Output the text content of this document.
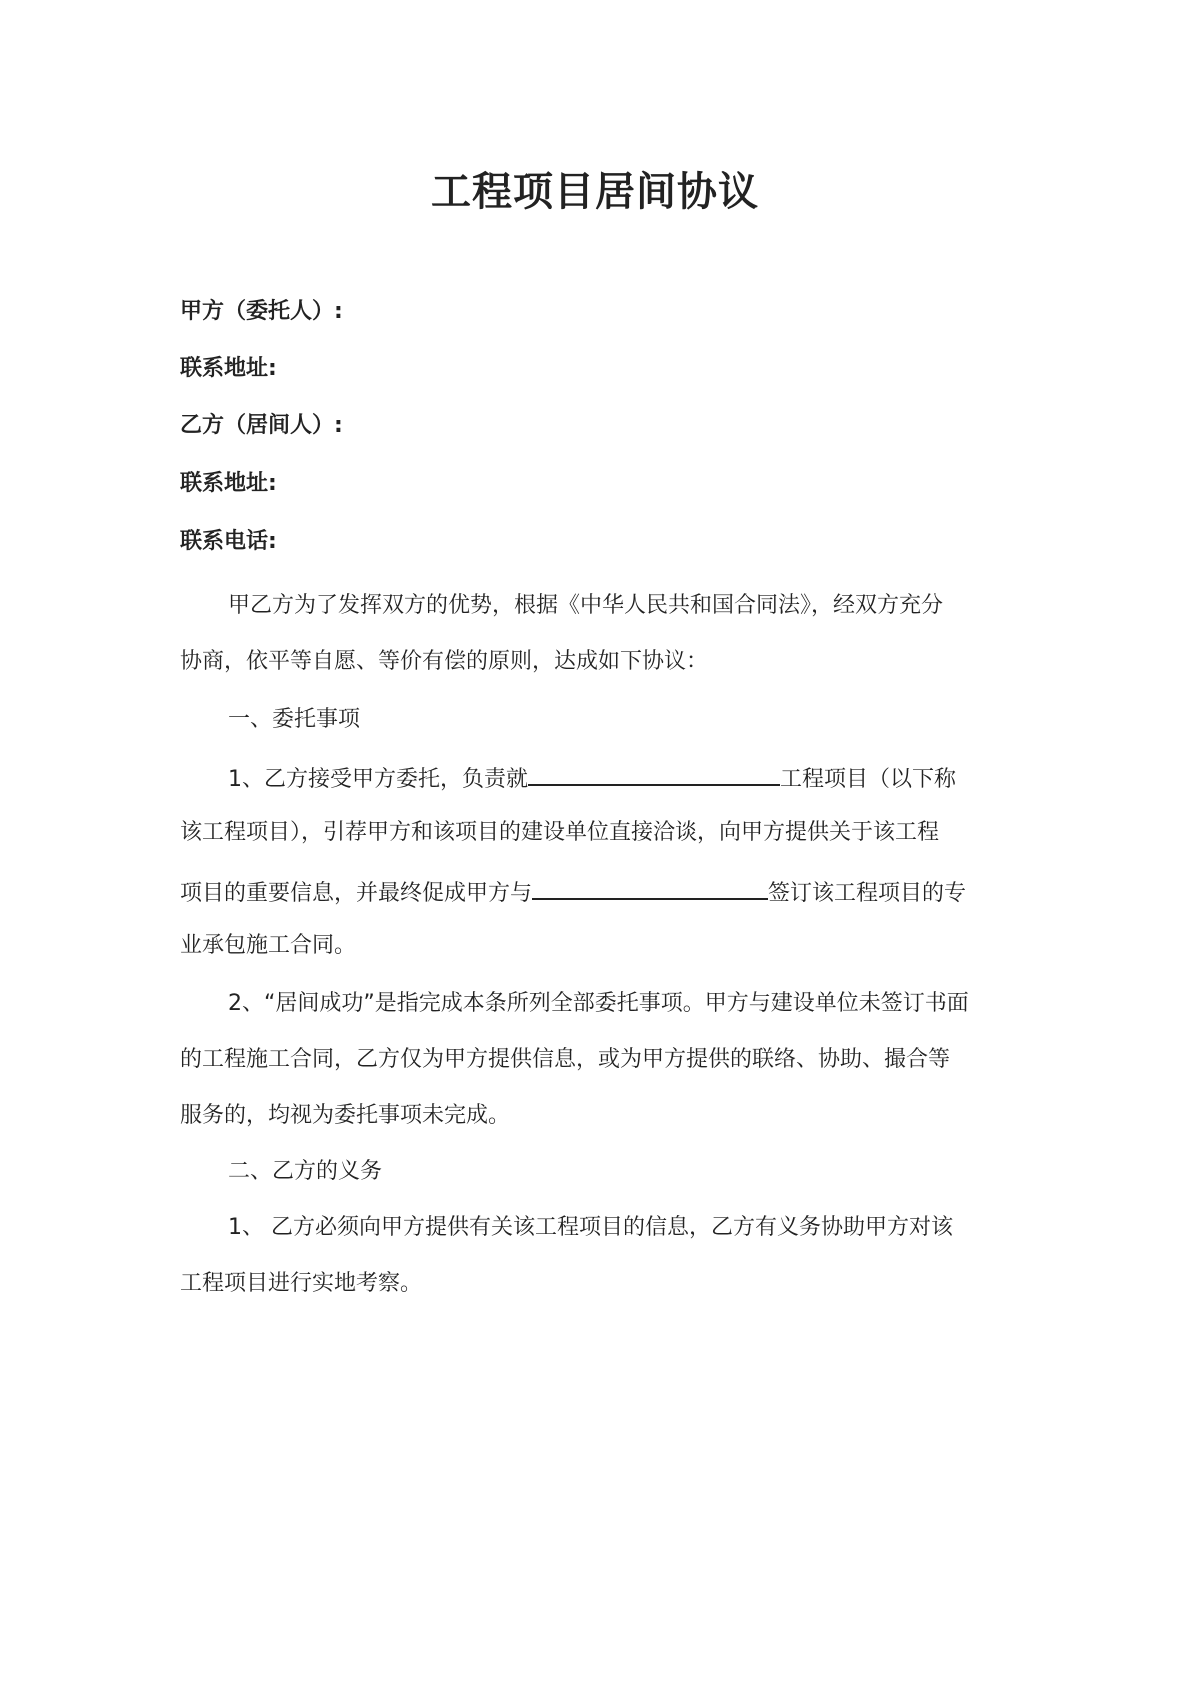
工程项目居间协议
甲方（委托人）:
联系地址:
乙方（居间人）:
联系地址:
联系电话:
甲乙方为了发挥双方的优势，根据《中华人民共和国合同法》，经双方充分
协商，依平等自愿、等价有偿的原则，达成如下协议：
一、委托事项
1、乙方接受甲方委托，负责就	工程项目（以下称
该工程项目），引荐甲方和该项目的建设单位直接洽谈，向甲方提供关于该工程
项目的重要信息，并最终促成甲方与	签订该工程项目的专
业承包施工合同。
2、“居间成功”是指完成本条所列全部委托事项。甲方与建设单位未签订书面
的工程施工合同，乙方仅为甲方提供信息，或为甲方提供的联络、协助、撮合等
服务的，均视为委托事项未完成。
二、乙方的义务
1、 乙方必须向甲方提供有关该工程项目的信息，乙方有义务协助甲方对该
工程项目进行实地考察。
